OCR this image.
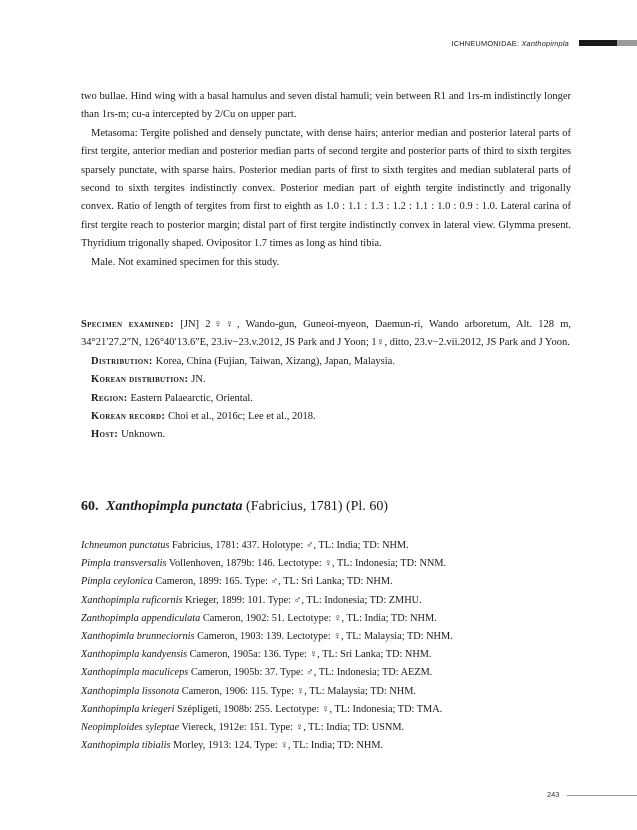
ICHNEUMONIDAE: Xanthopimpla

two bullae. Hind wing with a basal hamulus and seven distal hamuli; vein between R1 and 1rs-m indistinctly longer than 1rs-m; cu-a intercepted by 2/Cu on upper part.

Metasoma: Tergite polished and densely punctate, with dense hairs; anterior median and posterior lateral parts of first tergite, anterior median and posterior median parts of second tergite and posterior parts of third to sixth tergites sparsely punctate, with sparse hairs. Posterior median parts of first to sixth tergites and median sublateral parts of second to sixth tergites indistinctly convex. Posterior median part of eighth tergite indistinctly and trigonally convex. Ratio of length of tergites from first to eighth as 1.0 : 1.1 : 1.3 : 1.2 : 1.1 : 1.0 : 0.9 : 1.0. Lateral carina of first tergite reach to posterior margin; distal part of first tergite indistinctly convex in lateral view. Glymma present. Thyridium trigonally shaped. Ovipositor 1.7 times as long as hind tibia.

Male. Not examined specimen for this study.

Specimen examined: [JN] 2♀♀, Wando-gun, Guneoi-myeon, Daemun-ri, Wando arboretum, Alt. 128 m, 34°21′27.2″N, 126°40′13.6″E, 23.iv−23.v.2012, JS Park and J Yoon; 1♀, ditto, 23.v−2.vii.2012, JS Park and J Yoon.

Distribution: Korea, China (Fujian, Taiwan, Xizang), Japan, Malaysia.

Korean distribution: JN.

Region: Eastern Palaearctic, Oriental.

Korean record: Choi et al., 2016c; Lee et al., 2018.

Host: Unknown.

60. Xanthopimpla punctata (Fabricius, 1781) (Pl. 60)

Ichneumon punctatus Fabricius, 1781: 437. Holotype: ♂, TL: India; TD: NHM.

Pimpla transversalis Vollenhoven, 1879b: 146. Lectotype: ♀, TL: Indonesia; TD: NNM.

Pimpla ceylonica Cameron, 1899: 165. Type: ♂, TL: Sri Lanka; TD: NHM.

Xanthopimpla ruficornis Krieger, 1899: 101. Type: ♂, TL: Indonesia; TD: ZMHU.

Zanthopimpla appendiculata Cameron, 1902: 51. Lectotype: ♀, TL: India; TD: NHM.

Xanthopimla brunneciornis Cameron, 1903: 139. Lectotype: ♀, TL: Malaysia; TD: NHM.

Xanthopimpla kandyensis Cameron, 1905a: 136. Type: ♀, TL: Sri Lanka; TD: NHM.

Xanthopimpla maculiceps Cameron, 1905b: 37. Type: ♂, TL: Indonesia; TD: AEZM.

Xanthopimpla lissonota Cameron, 1906: 115. Type: ♀, TL: Malaysia; TD: NHM.

Xanthopimpla kriegeri Szépligeti, 1908b: 255. Lectotype: ♀, TL: Indonesia; TD: TMA.

Neopimploides syleptae Viereck, 1912e: 151. Type: ♀, TL: India; TD: USNM.

Xanthopimpla tibialis Morley, 1913: 124. Type: ♀, TL: India; TD: NHM.

243
